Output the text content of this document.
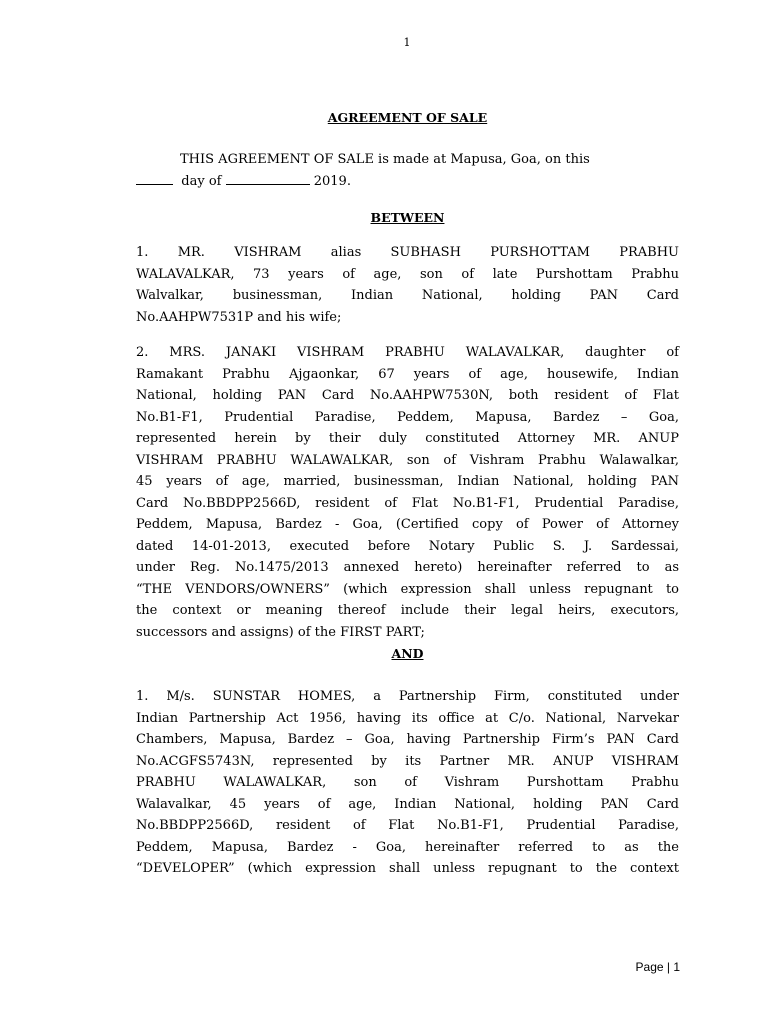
1
AGREEMENT OF SALE
THIS AGREEMENT OF SALE is made at Mapusa, Goa, on this
day of	2019.
BETWEEN
1. MR. VISHRAM alias SUBHASH PURSHOTTAM PRABHU
WALAVALKAR, 73 years of age, son of late Purshottam Prabhu
Walvalkar, businessman, Indian National, holding PAN Card
No.AAHPW7531P and his wife;
2. MRS. JANAKI VISHRAM PRABHU WALAVALKAR, daughter of
Ramakant Prabhu Ajgaonkar, 67 years of age, housewife, Indian
National, holding PAN Card No.AAHPW7530N, both resident of Flat
No.B1-F1, Prudential Paradise, Peddem, Mapusa, Bardez – Goa,
represented herein by their duly constituted Attorney MR. ANUP
VISHRAM PRABHU WALAWALKAR, son of Vishram Prabhu Walawalkar,
45 years of age, married, businessman, Indian National, holding PAN
Card No.BBDPP2566D, resident of Flat No.B1-F1, Prudential Paradise,
Peddem, Mapusa, Bardez - Goa, (Certified copy of Power of Attorney
dated 14-01-2013, executed before Notary Public S. J. Sardessai,
under Reg. No.1475/2013 annexed hereto) hereinafter referred to as
“THE VENDORS/OWNERS” (which expression shall unless repugnant to
the context or meaning thereof include their legal heirs, executors,
successors and assigns) of the FIRST PART;
AND
1. M/s. SUNSTAR HOMES, a Partnership Firm, constituted under
Indian Partnership Act 1956, having its office at C/o. National, Narvekar
Chambers, Mapusa, Bardez – Goa, having Partnership Firm’s PAN Card
No.ACGFS5743N, represented by its Partner MR. ANUP VISHRAM
PRABHU WALAWALKAR, son of Vishram Purshottam Prabhu
Walavalkar, 45 years of age, Indian National, holding PAN Card
No.BBDPP2566D, resident of Flat No.B1-F1, Prudential Paradise,
Peddem, Mapusa, Bardez - Goa, hereinafter referred to as the
“DEVELOPER” (which expression shall unless repugnant to the context
Page | 1
